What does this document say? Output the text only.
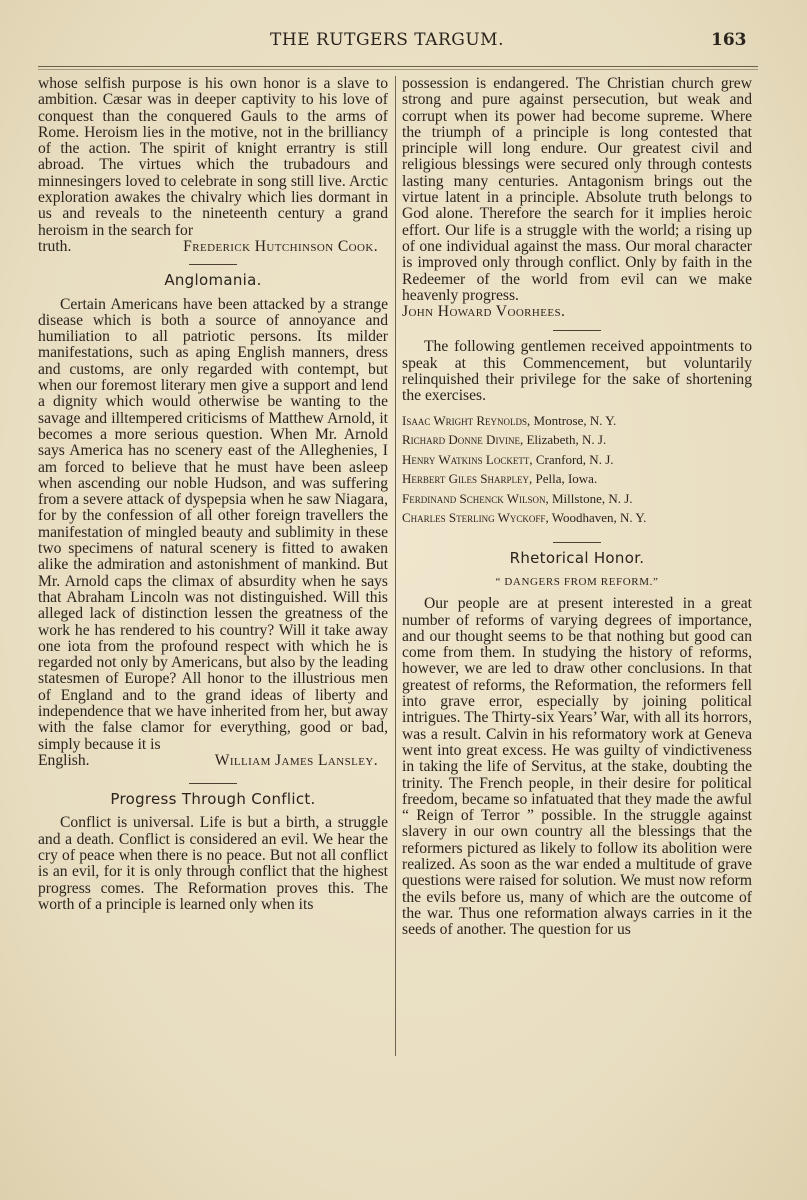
THE RUTGERS TARGUM.	163

whose selfish purpose is his own honor is a slave to ambition. Cæsar was in deeper captivity to his love of conquest than the conquered Gauls to the arms of Rome. Heroism lies in the motive, not in the brilliancy of the action. The spirit of knight errantry is still abroad. The virtues which the trubadours and minnesingers loved to celebrate in song still live. Arctic exploration awakes the chivalry which lies dormant in us and reveals to the nineteenth century a grand heroism in the search for

truth.	Frederick Hutchinson Cook.
Anglomania.

Certain Americans have been attacked by a strange disease which is both a source of annoyance and humiliation to all patriotic persons. Its milder manifestations, such as aping English manners, dress and customs, are only regarded with contempt, but when our foremost literary men give a support and lend a dignity which would otherwise be wanting to the savage and illtempered criticisms of Matthew Arnold, it becomes a more serious question. When Mr. Arnold says America has no scenery east of the Alleghenies, I am forced to believe that he must have been asleep when ascending our noble Hudson, and was suffering from a severe attack of dyspepsia when he saw Niagara, for by the confession of all other foreign travellers the manifestation of mingled beauty and sublimity in these two specimens of natural scenery is fitted to awaken alike the admiration and astonishment of mankind. But Mr. Arnold caps the climax of absurdity when he says that Abraham Lincoln was not distinguished. Will this alleged lack of distinction lessen the greatness of the work he has rendered to his country? Will it take away one iota from the profound respect with which he is regarded not only by Americans, but also by the leading statesmen of Europe? All honor to the illustrious men of England and to the grand ideas of liberty and independence that we have inherited from her, but away with the false clamor for everything, good or bad, simply because it is

English.	William James Lansley.
Progress Through Conflict.

Conflict is universal. Life is but a birth, a struggle and a death. Conflict is considered an evil. We hear the cry of peace when there is no peace. But not all conflict is an evil, for it is only through conflict that the highest progress comes. The Reformation proves this. The worth of a principle is learned only when its

possession is endangered. The Christian church grew strong and pure against persecution, but weak and corrupt when its power had become supreme. Where the triumph of a principle is long contested that principle will long endure. Our greatest civil and religious blessings were secured only through contests lasting many centuries. Antagonism brings out the virtue latent in a principle. Absolute truth belongs to God alone. Therefore the search for it implies heroic effort. Our life is a struggle with the world; a rising up of one individual against the mass. Our moral character is improved only through conflict. Only by faith in the Redeemer of the world from evil can we make heavenly progress.

John Howard Voorhees.

The following gentlemen received appointments to speak at this Commencement, but voluntarily relinquished their privilege for the sake of shortening the exercises.

Isaac Wright Reynolds, Montrose, N. Y.
Richard Donne Divine, Elizabeth, N. J.
Henry Watkins Lockett, Cranford, N. J.
Herbert Giles Sharpley, Pella, Iowa.
Ferdinand Schenck Wilson, Millstone, N. J.
Charles Sterling Wyckoff, Woodhaven, N. Y.
Rhetorical Honor.
“ DANGERS FROM REFORM.”

Our people are at present interested in a great number of reforms of varying degrees of importance, and our thought seems to be that nothing but good can come from them. In studying the history of reforms, however, we are led to draw other conclusions. In that greatest of reforms, the Reformation, the reformers fell into grave error, especially by joining political intrigues. The Thirty-six Years’ War, with all its horrors, was a result. Calvin in his reformatory work at Geneva went into great excess. He was guilty of vindictiveness in taking the life of Servitus, at the stake, doubting the trinity. The French people, in their desire for political freedom, became so infatuated that they made the awful “ Reign of Terror ” possible. In the struggle against slavery in our own country all the blessings that the reformers pictured as likely to follow its abolition were realized. As soon as the war ended a multitude of grave questions were raised for solution. We must now reform the evils before us, many of which are the outcome of the war. Thus one reformation always carries in it the seeds of another. The question for us
